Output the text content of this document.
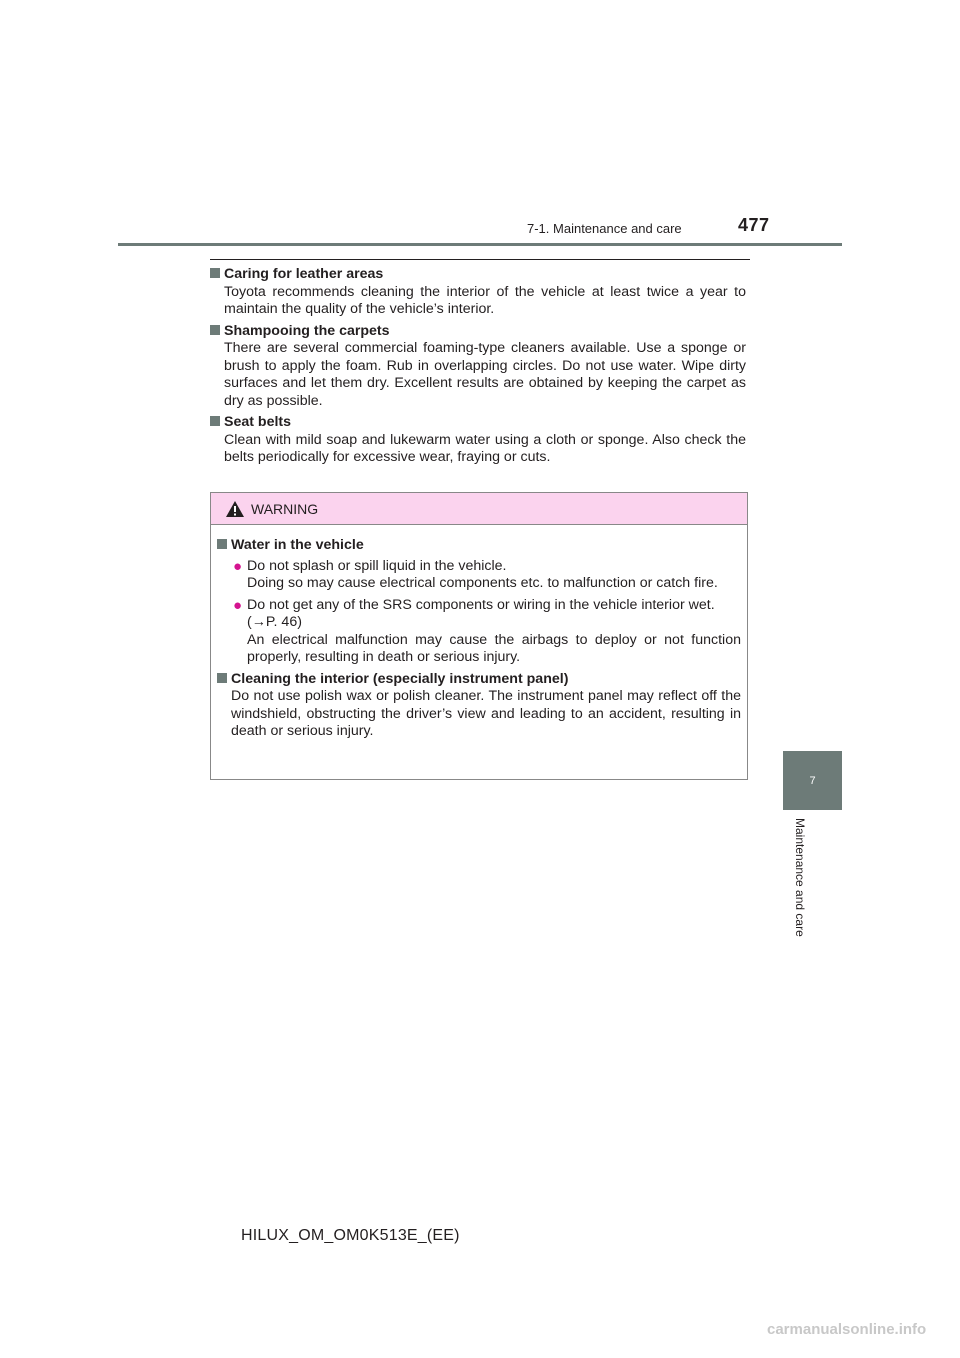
7-1. Maintenance and care	477
7
Maintenance and care
Caring for leather areas
Toyota recommends cleaning the interior of the vehicle at least twice a year to maintain the quality of the vehicle’s interior.
Shampooing the carpets
There are several commercial foaming-type cleaners available. Use a sponge or brush to apply the foam. Rub in overlapping circles. Do not use water. Wipe dirty surfaces and let them dry. Excellent results are obtained by keeping the carpet as dry as possible.
Seat belts
Clean with mild soap and lukewarm water using a cloth or sponge. Also check the belts periodically for excessive wear, fraying or cuts.
WARNING
Water in the vehicle
● Do not splash or spill liquid in the vehicle.
Doing so may cause electrical components etc. to malfunction or catch fire.
● Do not get any of the SRS components or wiring in the vehicle interior wet.
(→P. 46)
An electrical malfunction may cause the airbags to deploy or not function properly, resulting in death or serious injury.
Cleaning the interior (especially instrument panel)
Do not use polish wax or polish cleaner. The instrument panel may reflect off the windshield, obstructing the driver’s view and leading to an accident, resulting in death or serious injury.
HILUX_OM_OM0K513E_(EE)
carmanualsonline.info
